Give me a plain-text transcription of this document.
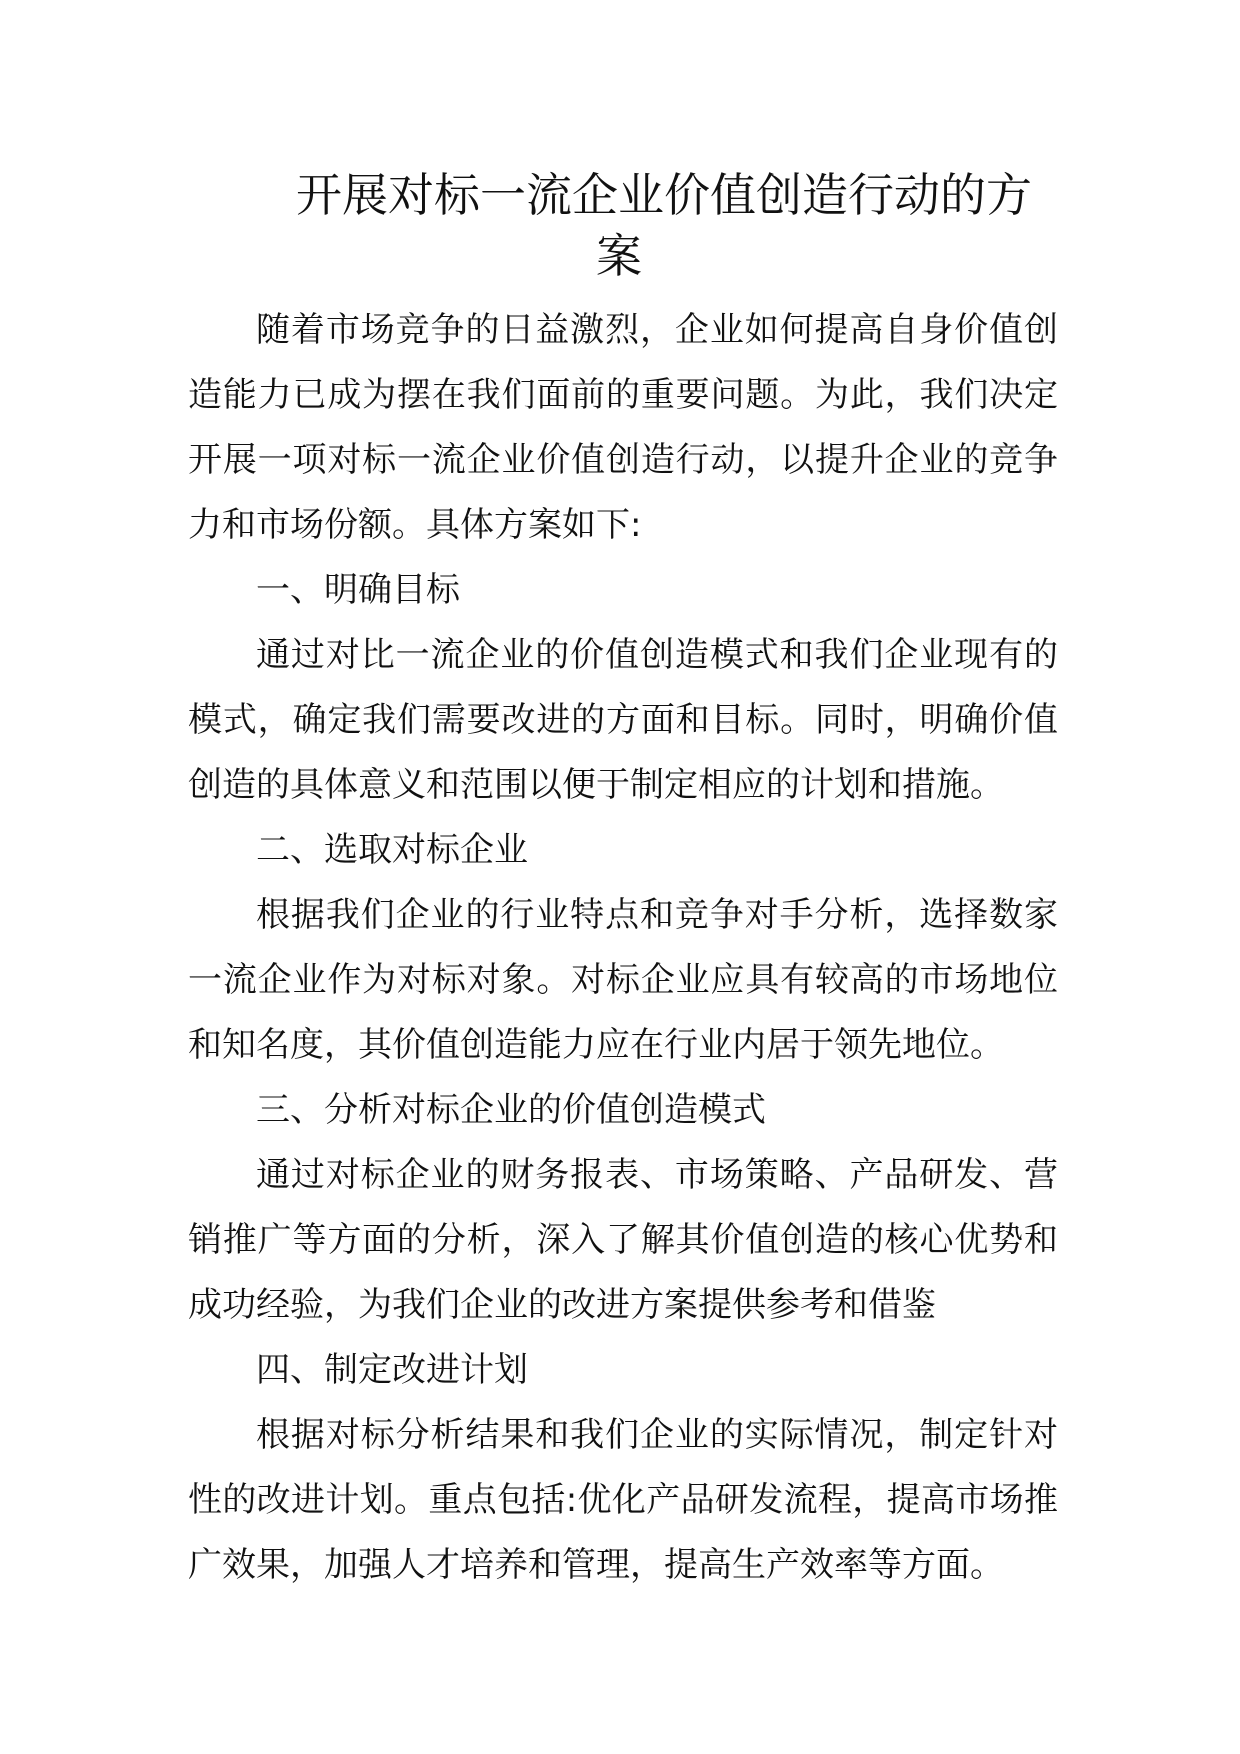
开展对标一流企业价值创造行动的方
案

随着市场竞争的日益激烈，企业如何提高自身价值创造能力已成为摆在我们面前的重要问题。为此，我们决定开展一项对标一流企业价值创造行动，以提升企业的竞争力和市场份额。具体方案如下:

一、明确目标

通过对比一流企业的价值创造模式和我们企业现有的模式，确定我们需要改进的方面和目标。同时，明确价值创造的具体意义和范围以便于制定相应的计划和措施。

二、选取对标企业

根据我们企业的行业特点和竞争对手分析，选择数家一流企业作为对标对象。对标企业应具有较高的市场地位和知名度，其价值创造能力应在行业内居于领先地位。

三、分析对标企业的价值创造模式

通过对标企业的财务报表、市场策略、产品研发、营销推广等方面的分析，深入了解其价值创造的核心优势和成功经验，为我们企业的改进方案提供参考和借鉴

四、制定改进计划

根据对标分析结果和我们企业的实际情况，制定针对性的改进计划。重点包括:优化产品研发流程，提高市场推广效果，加强人才培养和管理，提高生产效率等方面。
